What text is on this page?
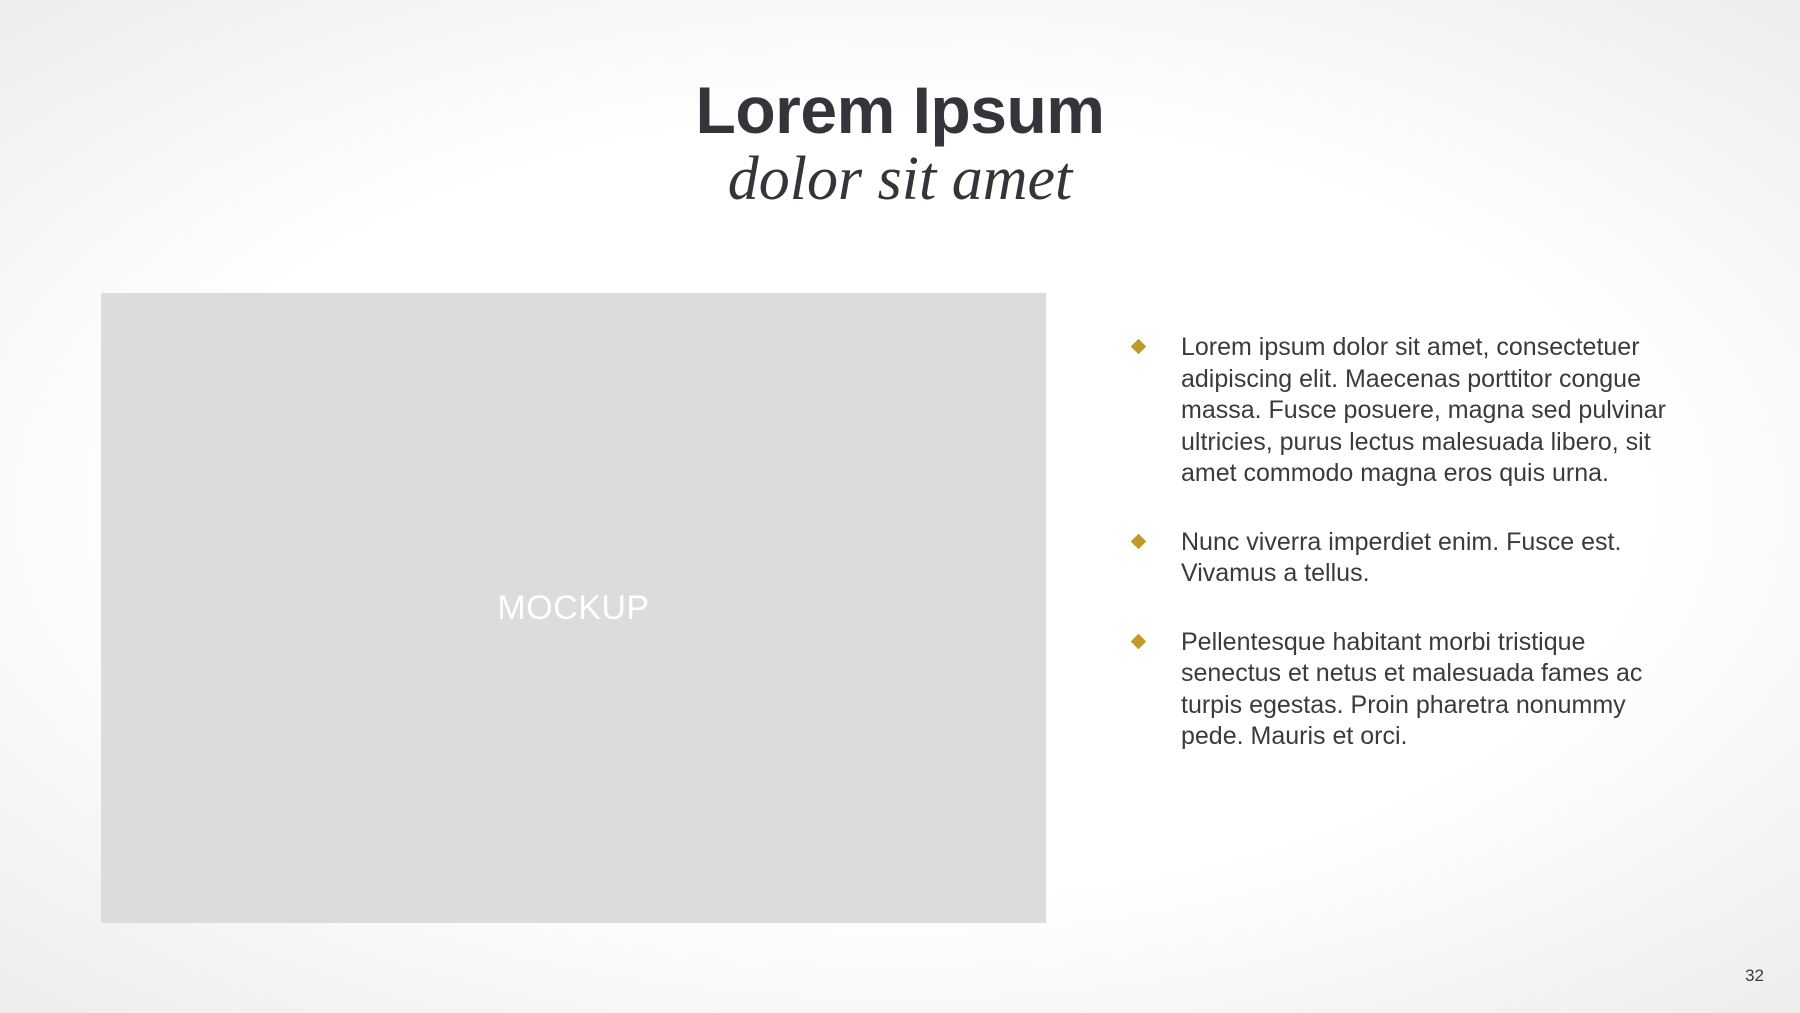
Lorem Ipsum
dolor sit amet
MOCKUP
Lorem ipsum dolor sit amet, consectetuer adipiscing elit. Maecenas porttitor congue massa. Fusce posuere, magna sed pulvinar ultricies, purus lectus malesuada libero, sit amet commodo magna eros quis urna.
Nunc viverra imperdiet enim. Fusce est. Vivamus a tellus.
Pellentesque habitant morbi tristique senectus et netus et malesuada fames ac turpis egestas. Proin pharetra nonummy pede. Mauris et orci.
32
